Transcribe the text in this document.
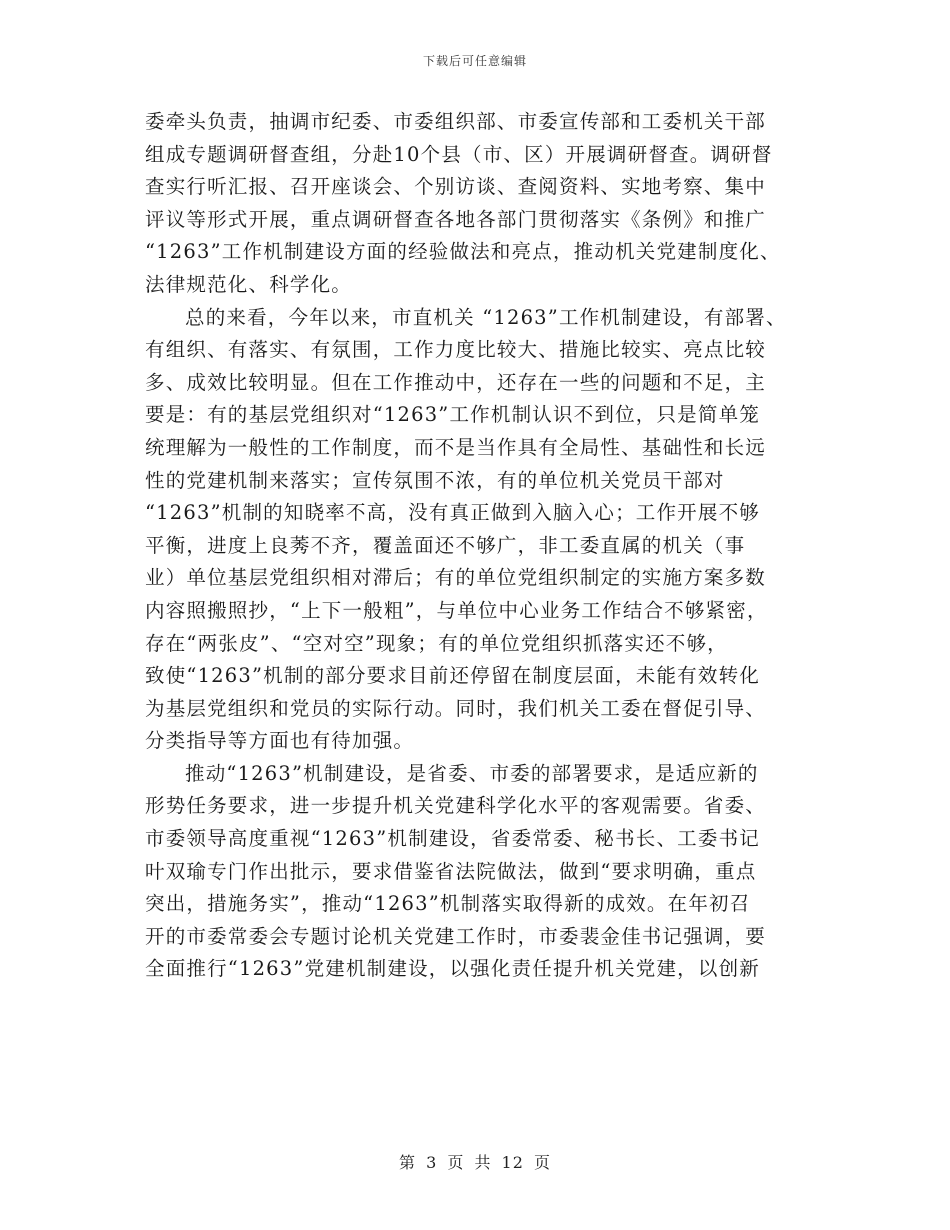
下载后可任意编辑
委牵头负责，抽调市纪委、市委组织部、市委宣传部和工委机关干部
组成专题调研督查组，分赴10个县（市、区）开展调研督查。调研督
查实行听汇报、召开座谈会、个别访谈、查阅资料、实地考察、集中
评议等形式开展，重点调研督查各地各部门贯彻落实《条例》和推广
“1263”工作机制建设方面的经验做法和亮点，推动机关党建制度化、
法律规范化、科学化。
总的来看，今年以来，市直机关 “1263”工作机制建设，有部署、
有组织、有落实、有氛围，工作力度比较大、措施比较实、亮点比较
多、成效比较明显。但在工作推动中，还存在一些的问题和不足，主
要是：有的基层党组织对“1263”工作机制认识不到位，只是简单笼
统理解为一般性的工作制度，而不是当作具有全局性、基础性和长远
性的党建机制来落实；宣传氛围不浓，有的单位机关党员干部对
“1263”机制的知晓率不高，没有真正做到入脑入心；工作开展不够
平衡，进度上良莠不齐，覆盖面还不够广，非工委直属的机关（事
业）单位基层党组织相对滞后；有的单位党组织制定的实施方案多数
内容照搬照抄，“上下一般粗”，与单位中心业务工作结合不够紧密，
存在“两张皮”、“空对空”现象；有的单位党组织抓落实还不够，
致使“1263”机制的部分要求目前还停留在制度层面，未能有效转化
为基层党组织和党员的实际行动。同时，我们机关工委在督促引导、
分类指导等方面也有待加强。
推动“1263”机制建设，是省委、市委的部署要求，是适应新的
形势任务要求，进一步提升机关党建科学化水平的客观需要。省委、
市委领导高度重视“1263”机制建设，省委常委、秘书长、工委书记
叶双瑜专门作出批示，要求借鉴省法院做法，做到“要求明确，重点
突出，措施务实”，推动“1263”机制落实取得新的成效。在年初召
开的市委常委会专题讨论机关党建工作时，市委裴金佳书记强调，要
全面推行“1263”党建机制建设，以强化责任提升机关党建，以创新
第 3 页 共 12 页
